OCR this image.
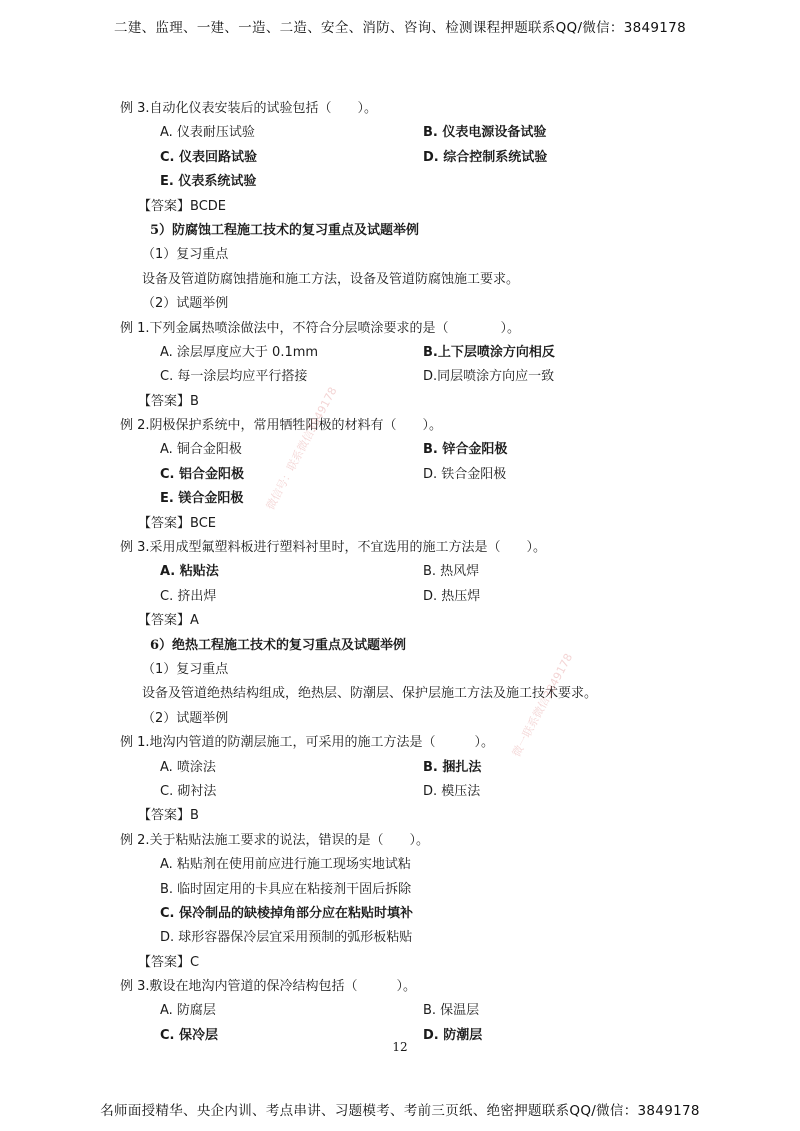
二建、监理、一建、一造、二造、安全、消防、咨询、检测课程押题联系QQ/微信：3849178
例 3.自动化仪表安装后的试验包括（　　）。
A. 仪表耐压试验	B. 仪表电源设备试验
C. 仪表回路试验	D. 综合控制系统试验
E. 仪表系统试验
【答案】BCDE
5）防腐蚀工程施工技术的复习重点及试题举例
（1）复习重点
设备及管道防腐蚀措施和施工方法，设备及管道防腐蚀施工要求。
（2）试题举例
例 1.下列金属热喷涂做法中，不符合分层喷涂要求的是（　　　　）。
A. 涂层厚度应大于 0.1mm	B.上下层喷涂方向相反
C. 每一涂层均应平行搭接	D.同层喷涂方向应一致
【答案】B
例 2.阴极保护系统中，常用牺牲阳极的材料有（　　）。
A. 铜合金阳极	B. 锌合金阳极
C. 铝合金阳极	D. 铁合金阳极
E. 镁合金阳极
【答案】BCE
例 3.采用成型氟塑料板进行塑料衬里时，不宜选用的施工方法是（　　）。
A. 粘贴法	B. 热风焊
C. 挤出焊	D. 热压焊
【答案】A
6）绝热工程施工技术的复习重点及试题举例
（1）复习重点
设备及管道绝热结构组成，绝热层、防潮层、保护层施工方法及施工技术要求。
（2）试题举例
例 1.地沟内管道的防潮层施工，可采用的施工方法是（　　　）。
A. 喷涂法	B. 捆扎法
C. 砌衬法	D. 模压法
【答案】B
例 2.关于粘贴法施工要求的说法，错误的是（　　）。
A. 粘贴剂在使用前应进行施工现场实地试粘
B. 临时固定用的卡具应在粘接剂干固后拆除
C. 保冷制品的缺棱掉角部分应在粘贴时填补
D. 球形容器保冷层宜采用预制的弧形板粘贴
【答案】C
例 3.敷设在地沟内管道的保冷结构包括（　　　）。
A. 防腐层	B. 保温层
C. 保冷层	D. 防潮层
微信号：联系微信3849178
微一联系微信3849178
12
名师面授精华、央企内训、考点串讲、习题模考、考前三页纸、绝密押题联系QQ/微信：3849178
